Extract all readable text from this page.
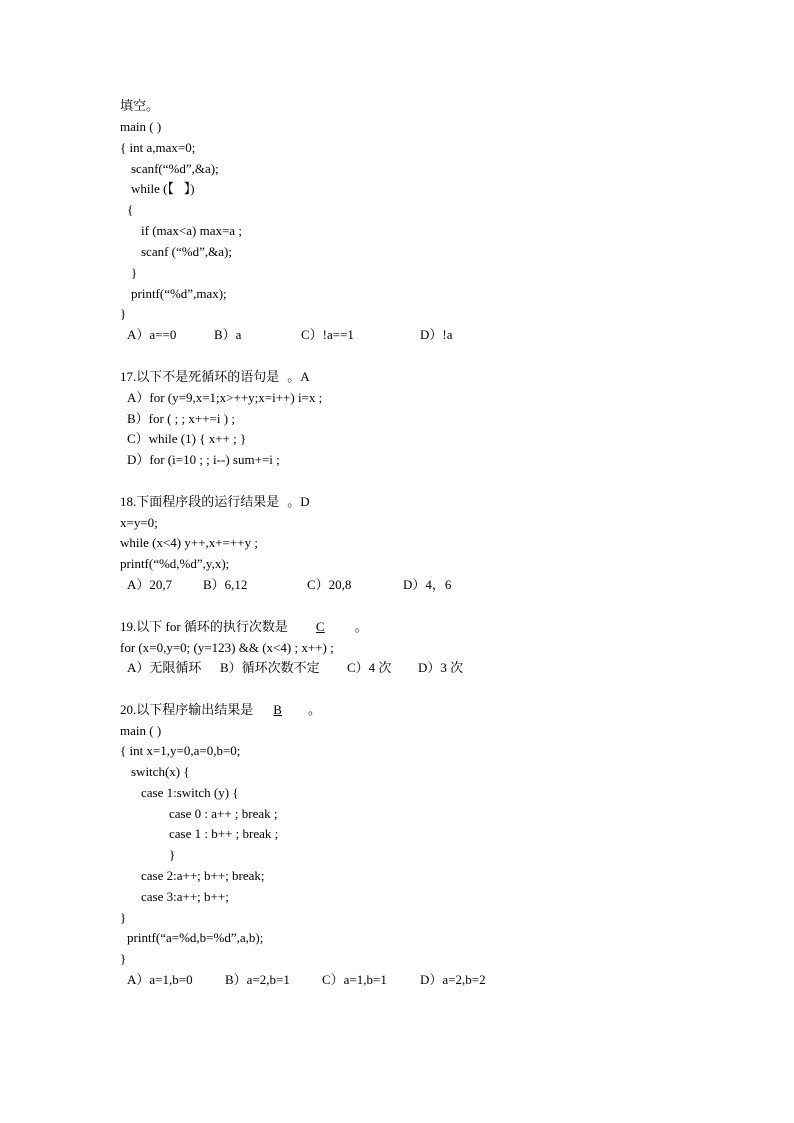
填空。
main ( )
{ int a,max=0;
scanf(“%d”,&a);
while (【   】)
{
if (max<a) max=a ;
scanf (“%d”,&a);
}
printf(“%d”,max);
}
A）a==0	B）a	C）!a==1	D）!a
17.以下不是死循环的语句是 。A
A）for (y=9,x=1;x>++y;x=i++) i=x ;
B）for ( ; ; x++=i ) ;
C）while (1) { x++ ; }
D）for (i=10 ; ; i--) sum+=i ;
18.下面程序段的运行结果是 。D
x=y=0;
while (x<4) y++,x+=++y ;
printf(“%d,%d”,y,x);
A）20,7 B）6,12	C）20,8	D）4，6
19.以下 for 循环的执行次数是 C 。
for (x=0,y=0; (y=123) && (x<4) ; x++) ;
A）无限循环 B）循环次数不定 C）4 次 D）3 次
20.以下程序输出结果是 B 。
main ( )
{ int x=1,y=0,a=0,b=0;
switch(x) {
case 1:switch (y) {
case 0 : a++ ; break ;
case 1 : b++ ; break ;
}
case 2:a++; b++; break;
case 3:a++; b++;
}
printf(“a=%d,b=%d”,a,b);
}
A）a=1,b=0 B）a=2,b=1 C）a=1,b=1	D）a=2,b=2
